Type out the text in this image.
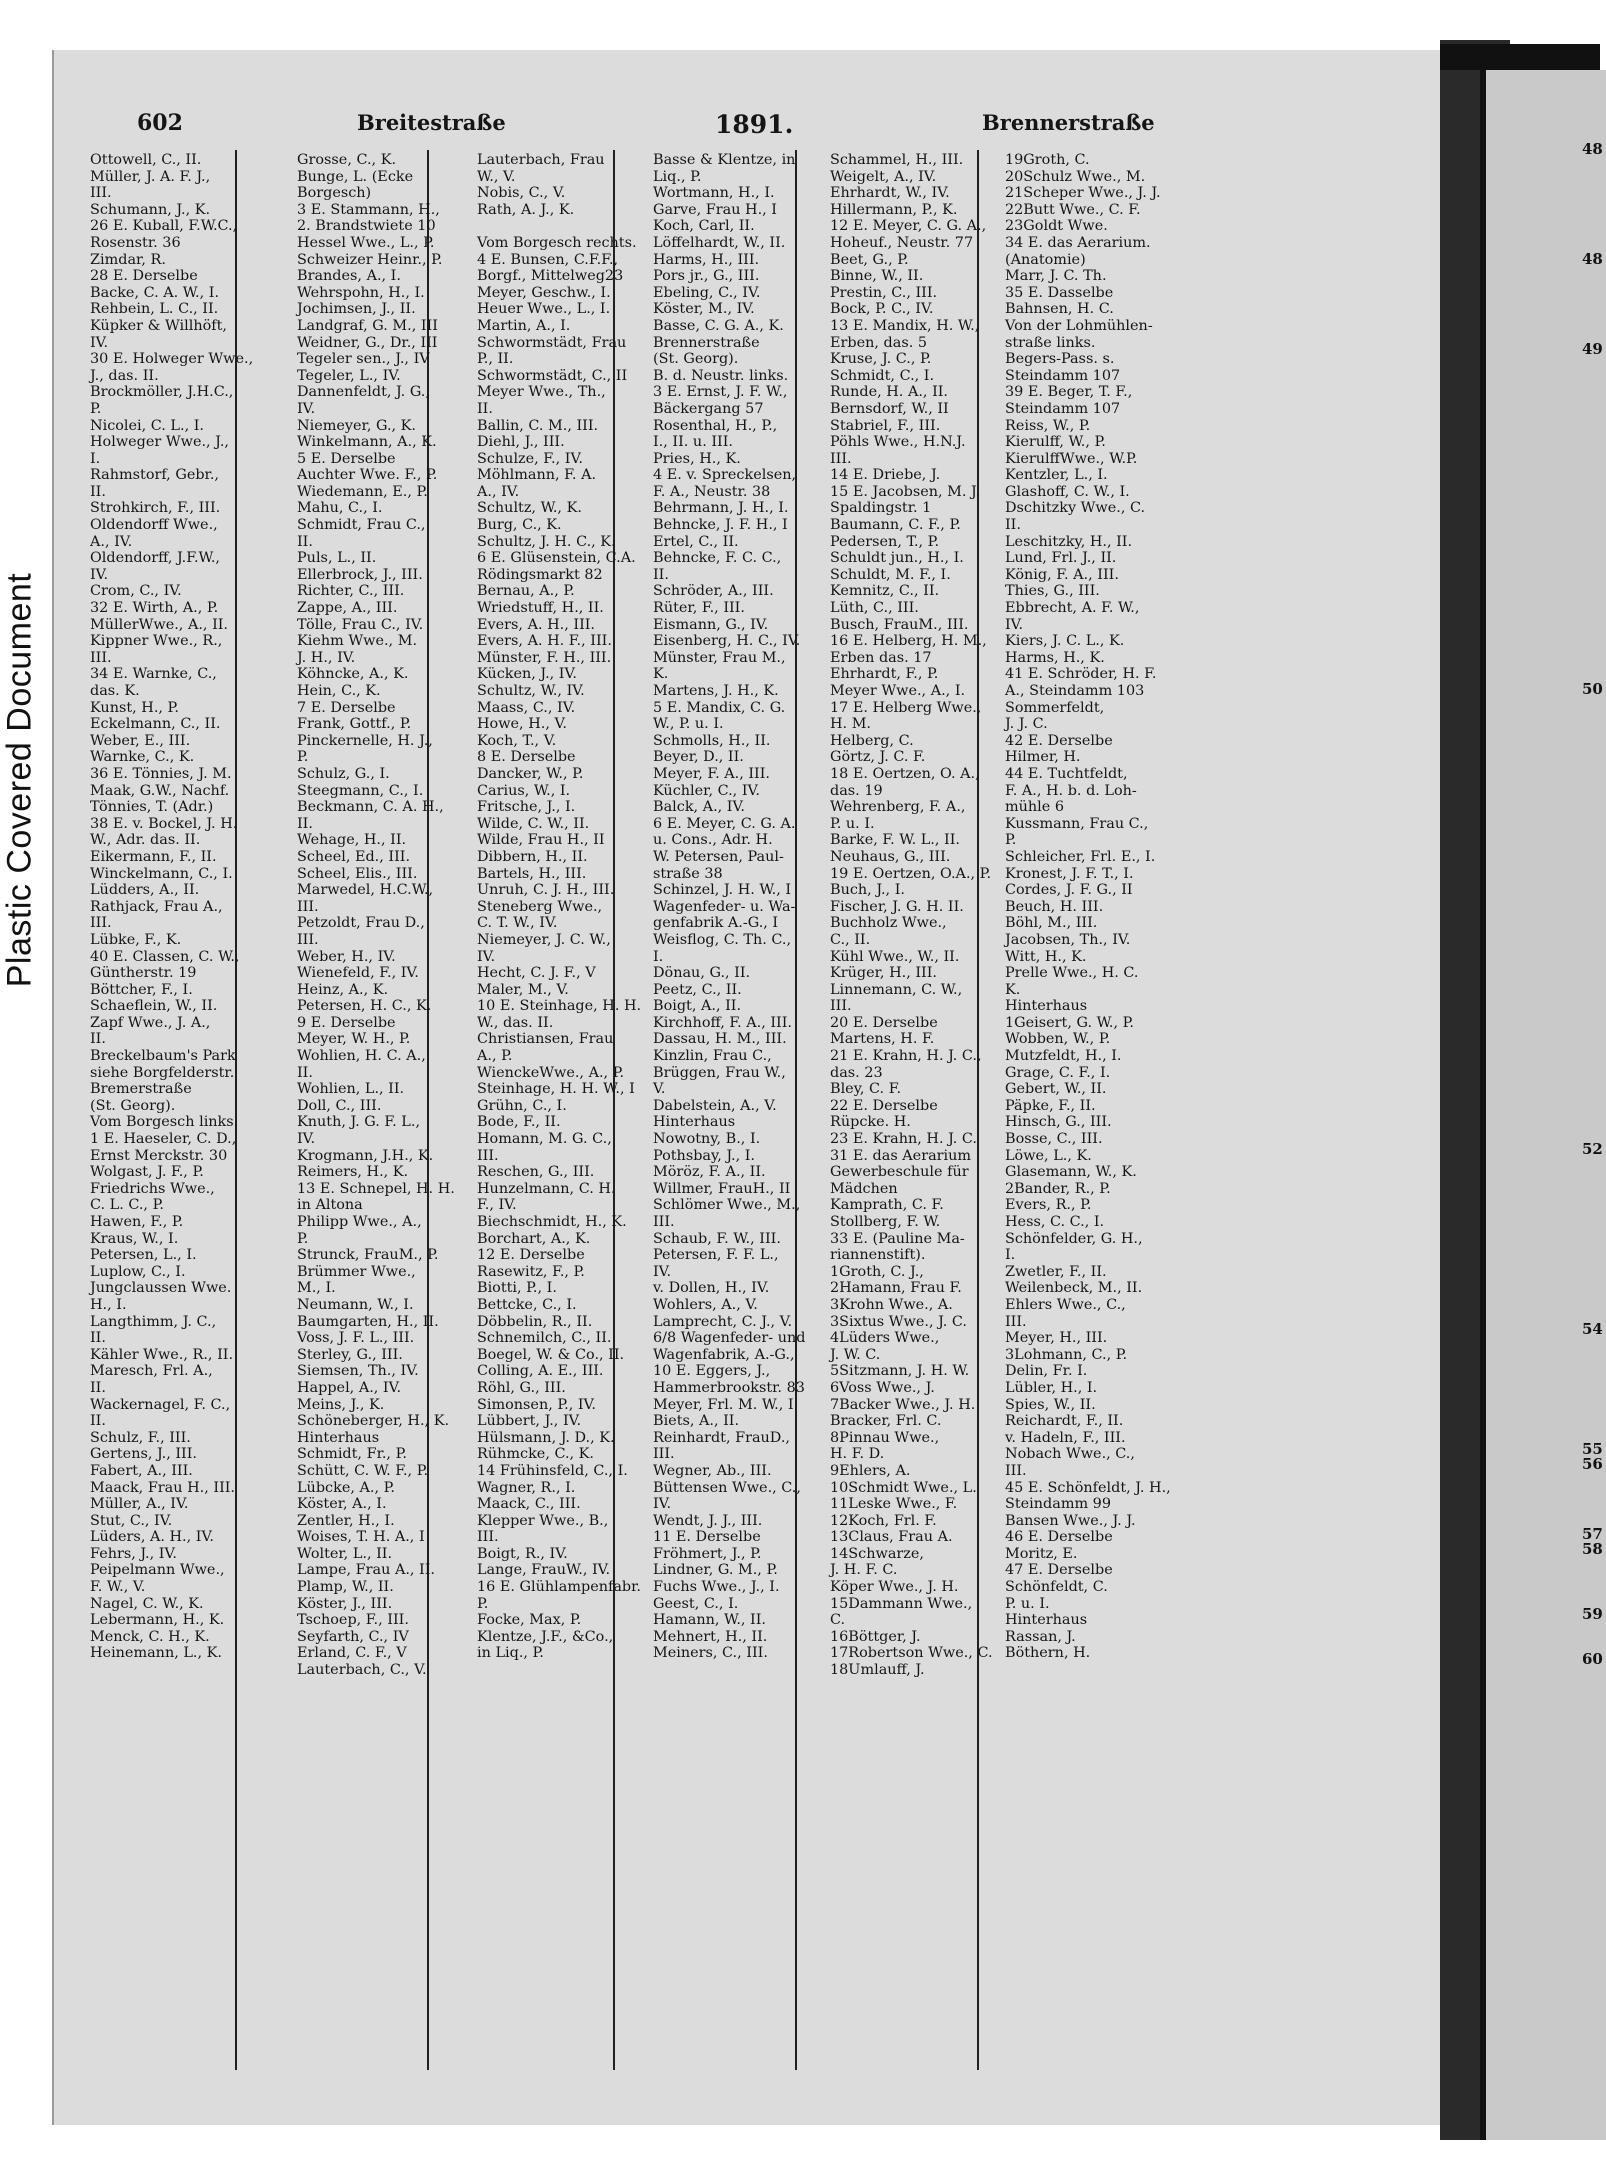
Plastic Covered Document
48
48
49
50
52
54
55
56
57
58
59
60
602	Breitestraße	1891.	Brennerstraße
Ottowell, C., II.
Müller, J. A. F. J.,
III.
Schumann, J., K.
26 E. Kuball, F.W.C.,
Rosenstr. 36
Zimdar, R.
28 E. Derselbe
Backe, C. A. W., I.
Rehbein, L. C., II.
Küpker & Willhöft,
IV.
30 E. Holweger Wwe.,
J., das. II.
Brockmöller, J.H.C.,
P.
Nicolei, C. L., I.
Holweger Wwe., J.,
I.
Rahmstorf, Gebr.,
II.
Strohkirch, F., III.
Oldendorff Wwe.,
A., IV.
Oldendorff, J.F.W.,
IV.
Crom, C., IV.
32 E. Wirth, A., P.
MüllerWwe., A., II.
Kippner Wwe., R.,
III.
34 E. Warnke, C.,
das. K.
Kunst, H., P.
Eckelmann, C., II.
Weber, E., III.
Warnke, C., K.
36 E. Tönnies, J. M.
Maak, G.W., Nachf.
Tönnies, T. (Adr.)
38 E. v. Bockel, J. H.
W., Adr. das. II.
Eikermann, F., II.
Winckelmann, C., I.
Lüdders, A., II.
Rathjack, Frau A.,
III.
Lübke, F., K.
40 E. Classen, C. W.,
Güntherstr. 19
Böttcher, F., I.
Schaeflein, W., II.
Zapf Wwe., J. A.,
II.
Breckelbaum's Park
siehe Borgfelderstr.
Bremerstraße
(St. Georg).
Vom Borgesch links.
1 E. Haeseler, C. D.,
Ernst Merckstr. 30
Wolgast, J. F., P.
Friedrichs Wwe.,
C. L. C., P.
Hawen, F., P.
Kraus, W., I.
Petersen, L., I.
Luplow, C., I.
Jungclaussen Wwe.
H., I.
Langthimm, J. C.,
II.
Kähler Wwe., R., II.
Maresch, Frl. A.,
II.
Wackernagel, F. C.,
II.
Schulz, F., III.
Gertens, J., III.
Fabert, A., III.
Maack, Frau H., III.
Müller, A., IV.
Stut, C., IV.
Lüders, A. H., IV.
Fehrs, J., IV.
Peipelmann Wwe.,
F. W., V.
Nagel, C. W., K.
Lebermann, H., K.
Menck, C. H., K.
Heinemann, L., K.
Grosse, C., K.
Bunge, L. (Ecke
Borgesch)
3 E. Stammann, H.,
2. Brandstwiete 10
Hessel Wwe., L., P.
Schweizer Heinr., P.
Brandes, A., I.
Wehrspohn, H., I.
Jochimsen, J., II.
Landgraf, G. M., III
Weidner, G., Dr., III
Tegeler sen., J., IV
Tegeler, L., IV.
Dannenfeldt, J. G.,
IV.
Niemeyer, G., K.
Winkelmann, A., K.
5 E. Derselbe
Auchter Wwe. F., P.
Wiedemann, E., P.
Mahu, C., I.
Schmidt, Frau C.,
II.
Puls, L., II.
Ellerbrock, J., III.
Richter, C., III.
Zappe, A., III.
Tölle, Frau C., IV.
Kiehm Wwe., M.
J. H., IV.
Köhncke, A., K.
Hein, C., K.
7 E. Derselbe
Frank, Gottf., P.
Pinckernelle, H. J.,
P.
Schulz, G., I.
Steegmann, C., I.
Beckmann, C. A. H.,
II.
Wehage, H., II.
Scheel, Ed., III.
Scheel, Elis., III.
Marwedel, H.C.W.,
III.
Petzoldt, Frau D.,
III.
Weber, H., IV.
Wienefeld, F., IV.
Heinz, A., K.
Petersen, H. C., K.
9 E. Derselbe
Meyer, W. H., P.
Wohlien, H. C. A.,
II.
Wohlien, L., II.
Doll, C., III.
Knuth, J. G. F. L.,
IV.
Krogmann, J.H., K.
Reimers, H., K.
13 E. Schnepel, H. H.
in Altona
Philipp Wwe., A.,
P.
Strunck, FrauM., P.
Brümmer Wwe.,
M., I.
Neumann, W., I.
Baumgarten, H., II.
Voss, J. F. L., III.
Sterley, G., III.
Siemsen, Th., IV.
Happel, A., IV.
Meins, J., K.
Schöneberger, H., K.
Hinterhaus
Schmidt, Fr., P.
Schütt, C. W. F., P.
Lübcke, A., P.
Köster, A., I.
Zentler, H., I.
Woises, T. H. A., I
Wolter, L., II.
Lampe, Frau A., II.
Plamp, W., II.
Köster, J., III.
Tschoep, F., III.
Seyfarth, C., IV
Erland, C. F., V
Lauterbach, C., V.
Lauterbach, Frau
W., V.
Nobis, C., V.
Rath, A. J., K.
Vom Borgesch rechts.
4 E. Bunsen, C.F.F.,
Borgf., Mittelweg23
Meyer, Geschw., I.
Heuer Wwe., L., I.
Martin, A., I.
Schwormstädt, Frau
P., II.
Schwormstädt, C., II
Meyer Wwe., Th.,
II.
Ballin, C. M., III.
Diehl, J., III.
Schulze, F., IV.
Möhlmann, F. A.
A., IV.
Schultz, W., K.
Burg, C., K.
Schultz, J. H. C., K.
6 E. Glüsenstein, C.A.
Rödingsmarkt 82
Bernau, A., P.
Wriedstuff, H., II.
Evers, A. H., III.
Evers, A. H. F., III.
Münster, F. H., III.
Kücken, J., IV.
Schultz, W., IV.
Maass, C., IV.
Howe, H., V.
Koch, T., V.
8 E. Derselbe
Dancker, W., P.
Carius, W., I.
Fritsche, J., I.
Wilde, C. W., II.
Wilde, Frau H., II
Dibbern, H., II.
Bartels, H., III.
Unruh, C. J. H., III.
Steneberg Wwe.,
C. T. W., IV.
Niemeyer, J. C. W.,
IV.
Hecht, C. J. F., V
Maler, M., V.
10 E. Steinhage, H. H.
W., das. II.
Christiansen, Frau
A., P.
WienckeWwe., A., P.
Steinhage, H. H. W., I
Grühn, C., I.
Bode, F., II.
Homann, M. G. C.,
III.
Reschen, G., III.
Hunzelmann, C. H.
F., IV.
Biechschmidt, H., K.
Borchart, A., K.
12 E. Derselbe
Rasewitz, F., P.
Biotti, P., I.
Bettcke, C., I.
Döbbelin, R., II.
Schnemilch, C., II.
Boegel, W. & Co., II.
Colling, A. E., III.
Röhl, G., III.
Simonsen, P., IV.
Lübbert, J., IV.
Hülsmann, J. D., K.
Rühmcke, C., K.
14 Frühinsfeld, C., I.
Wagner, R., I.
Maack, C., III.
Klepper Wwe., B.,
III.
Boigt, R., IV.
Lange, FrauW., IV.
16 E. Glühlampenfabr.
P.
Focke, Max, P.
Klentze, J.F., &Co.,
in Liq., P.
Basse & Klentze, in
Liq., P.
Wortmann, H., I.
Garve, Frau H., I
Koch, Carl, II.
Löffelhardt, W., II.
Harms, H., III.
Pors jr., G., III.
Ebeling, C., IV.
Köster, M., IV.
Basse, C. G. A., K.
Brennerstraße
(St. Georg).
B. d. Neustr. links.
3 E. Ernst, J. F. W.,
Bäckergang 57
Rosenthal, H., P.,
I., II. u. III.
Pries, H., K.
4 E. v. Spreckelsen,
F. A., Neustr. 38
Behrmann, J. H., I.
Behncke, J. F. H., I
Ertel, C., II.
Behncke, F. C. C.,
II.
Schröder, A., III.
Rüter, F., III.
Eismann, G., IV.
Eisenberg, H. C., IV.
Münster, Frau M.,
K.
Martens, J. H., K.
5 E. Mandix, C. G.
W., P. u. I.
Schmolls, H., II.
Beyer, D., II.
Meyer, F. A., III.
Küchler, C., IV.
Balck, A., IV.
6 E. Meyer, C. G. A.
u. Cons., Adr. H.
W. Petersen, Paul-
straße 38
Schinzel, J. H. W., I
Wagenfeder- u. Wa-
genfabrik A.-G., I
Weisflog, C. Th. C.,
I.
Dönau, G., II.
Peetz, C., II.
Boigt, A., II.
Kirchhoff, F. A., III.
Dassau, H. M., III.
Kinzlin, Frau C.,
Brüggen, Frau W.,
V.
Dabelstein, A., V.
Hinterhaus
Nowotny, B., I.
Pothsbay, J., I.
Möröz, F. A., II.
Willmer, FrauH., II
Schlömer Wwe., M.,
III.
Schaub, F. W., III.
Petersen, F. F. L.,
IV.
v. Dollen, H., IV.
Wohlers, A., V.
Lamprecht, C. J., V.
6/8 Wagenfeder- und
Wagenfabrik, A.-G.,
10 E. Eggers, J.,
Hammerbrookstr. 83
Meyer, Frl. M. W., I
Biets, A., II.
Reinhardt, FrauD.,
III.
Wegner, Ab., III.
Büttensen Wwe., C.,
IV.
Wendt, J. J., III.
11 E. Derselbe
Fröhmert, J., P.
Lindner, G. M., P.
Fuchs Wwe., J., I.
Geest, C., I.
Hamann, W., II.
Mehnert, H., II.
Meiners, C., III.
Schammel, H., III.
Weigelt, A., IV.
Ehrhardt, W., IV.
Hillermann, P., K.
12 E. Meyer, C. G. A.,
Hoheuf., Neustr. 77
Beet, G., P.
Binne, W., II.
Prestin, C., III.
Bock, P. C., IV.
13 E. Mandix, H. W.,
Erben, das. 5
Kruse, J. C., P.
Schmidt, C., I.
Runde, H. A., II.
Bernsdorf, W., II
Stabriel, F., III.
Pöhls Wwe., H.N.J.
III.
14 E. Driebe, J.
15 E. Jacobsen, M. J.
Spaldingstr. 1
Baumann, C. F., P.
Pedersen, T., P.
Schuldt jun., H., I.
Schuldt, M. F., I.
Kemnitz, C., II.
Lüth, C., III.
Busch, FrauM., III.
16 E. Helberg, H. M.,
Erben das. 17
Ehrhardt, F., P.
Meyer Wwe., A., I.
17 E. Helberg Wwe.,
H. M.
Helberg, C.
Görtz, J. C. F.
18 E. Oertzen, O. A.,
das. 19
Wehrenberg, F. A.,
P. u. I.
Barke, F. W. L., II.
Neuhaus, G., III.
19 E. Oertzen, O.A., P.
Buch, J., I.
Fischer, J. G. H. II.
Buchholz Wwe.,
C., II.
Kühl Wwe., W., II.
Krüger, H., III.
Linnemann, C. W.,
III.
20 E. Derselbe
Martens, H. F.
21 E. Krahn, H. J. C.,
das. 23
Bley, C. F.
22 E. Derselbe
Rüpcke. H.
23 E. Krahn, H. J. C.
31 E. das Aerarium
Gewerbeschule für
Mädchen
Kamprath, C. F.
Stollberg, F. W.
33 E. (Pauline Ma-
riannenstift).
1Groth, C. J.,
2Hamann, Frau F.
3Krohn Wwe., A.
3Sixtus Wwe., J. C.
4Lüders Wwe.,
J. W. C.
5Sitzmann, J. H. W.
6Voss Wwe., J.
7Backer Wwe., J. H.
Bracker, Frl. C.
8Pinnau Wwe.,
H. F. D.
9Ehlers, A.
10Schmidt Wwe., L.
11Leske Wwe., F.
12Koch, Frl. F.
13Claus, Frau A.
14Schwarze,
J. H. F. C.
Köper Wwe., J. H.
15Dammann Wwe.,
C.
16Böttger, J.
17Robertson Wwe., C.
18Umlauff, J.
19Groth, C.
20Schulz Wwe., M.
21Scheper Wwe., J. J.
22Butt Wwe., C. F.
23Goldt Wwe.
34 E. das Aerarium.
(Anatomie)
Marr, J. C. Th.
35 E. Dasselbe
Bahnsen, H. C.
Von der Lohmühlen-
straße links.
Begers-Pass. s.
Steindamm 107
39 E. Beger, T. F.,
Steindamm 107
Reiss, W., P.
Kierulff, W., P.
KierulffWwe., W.P.
Kentzler, L., I.
Glashoff, C. W., I.
Dschitzky Wwe., C.
II.
Leschitzky, H., II.
Lund, Frl. J., II.
König, F. A., III.
Thies, G., III.
Ebbrecht, A. F. W.,
IV.
Kiers, J. C. L., K.
Harms, H., K.
41 E. Schröder, H. F.
A., Steindamm 103
Sommerfeldt,
J. J. C.
42 E. Derselbe
Hilmer, H.
44 E. Tuchtfeldt,
F. A., H. b. d. Loh-
mühle 6
Kussmann, Frau C.,
P.
Schleicher, Frl. E., I.
Kronest, J. F. T., I.
Cordes, J. F. G., II
Beuch, H. III.
Böhl, M., III.
Jacobsen, Th., IV.
Witt, H., K.
Prelle Wwe., H. C.
K.
Hinterhaus
1Geisert, G. W., P.
Wobben, W., P.
Mutzfeldt, H., I.
Grage, C. F., I.
Gebert, W., II.
Päpke, F., II.
Hinsch, G., III.
Bosse, C., III.
Löwe, L., K.
Glasemann, W., K.
2Bander, R., P.
Evers, R., P.
Hess, C. C., I.
Schönfelder, G. H.,
I.
Zwetler, F., II.
Weilenbeck, M., II.
Ehlers Wwe., C.,
III.
Meyer, H., III.
3Lohmann, C., P.
Delin, Fr. I.
Lübler, H., I.
Spies, W., II.
Reichardt, F., II.
v. Hadeln, F., III.
Nobach Wwe., C.,
III.
45 E. Schönfeldt, J. H.,
Steindamm 99
Bansen Wwe., J. J.
46 E. Derselbe
Moritz, E.
47 E. Derselbe
Schönfeldt, C.
P. u. I.
Hinterhaus
Rassan, J.
Böthern, H.
